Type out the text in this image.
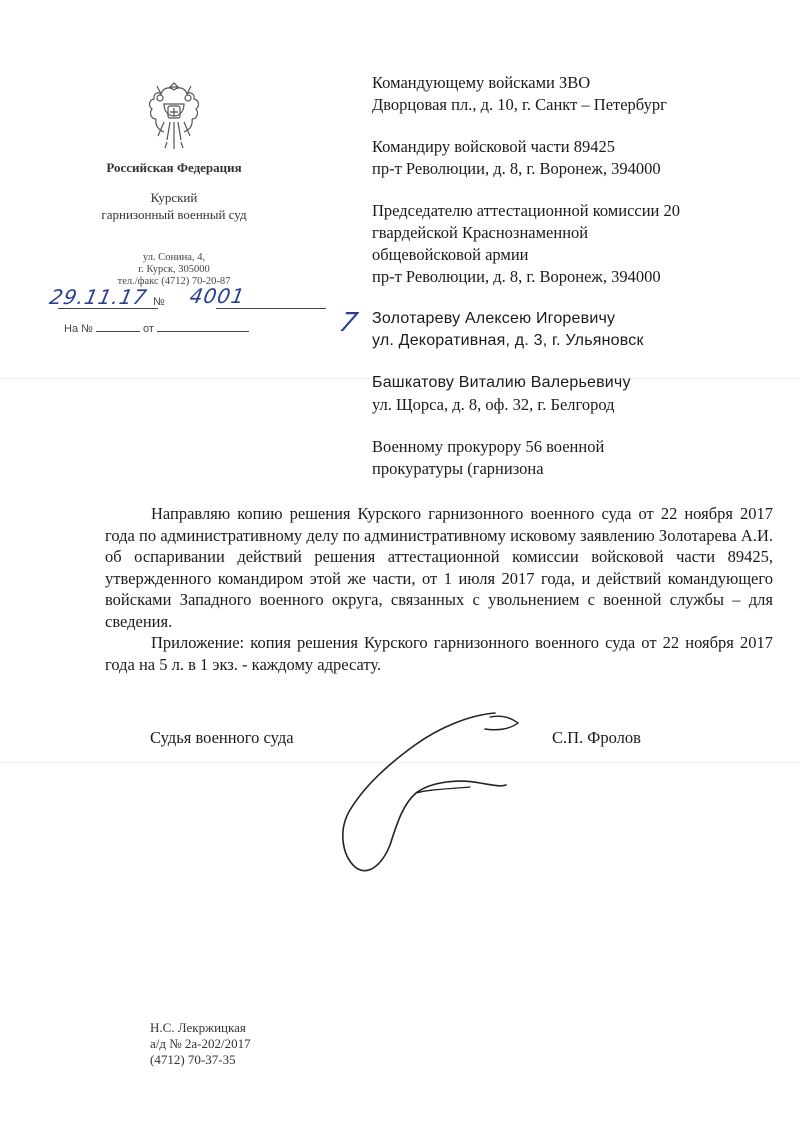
Российская Федерация
Курский
гарнизонный военный суд
ул. Сонина, 4,
г. Курск, 305000
тел./факс (4712) 70-20-87
29.11.17 № 4001
На №	от
Командующему войсками ЗВО
Дворцовая пл., д. 10, г. Санкт – Петербург
Командиру войсковой части 89425
пр-т Революции, д. 8, г. Воронеж, 394000
Председателю аттестационной комиссии 20
гвардейской Краснознаменной
общевойсковой армии
пр-т Революции, д. 8, г. Воронеж, 394000
Золотареву Алексею Игоревичу
ул. Декоративная, д. 3, г. Ульяновск
Башкатову Виталию Валерьевичу
ул. Щорса, д. 8, оф. 32, г. Белгород
Военному прокурору 56 военной
прокуратуры (гарнизона
7

Направляю копию решения Курского гарнизонного военного суда от 22 ноября 2017 года по административному делу по административному исковому заявлению Золотарева А.И. об оспаривании действий решения аттестационной комиссии войсковой части 89425, утвержденного командиром этой же части, от 1 июля 2017 года, и действий командующего войсками Западного военного округа, связанных с увольнением с военной службы – для сведения.

Приложение: копия решения Курского гарнизонного военного суда от 22 ноября 2017 года на 5 л. в 1 экз. - каждому адресату.

Судья военного суда	С.П. Фролов
Н.С. Лекржицкая
а/д № 2а-202/2017
(4712) 70-37-35
